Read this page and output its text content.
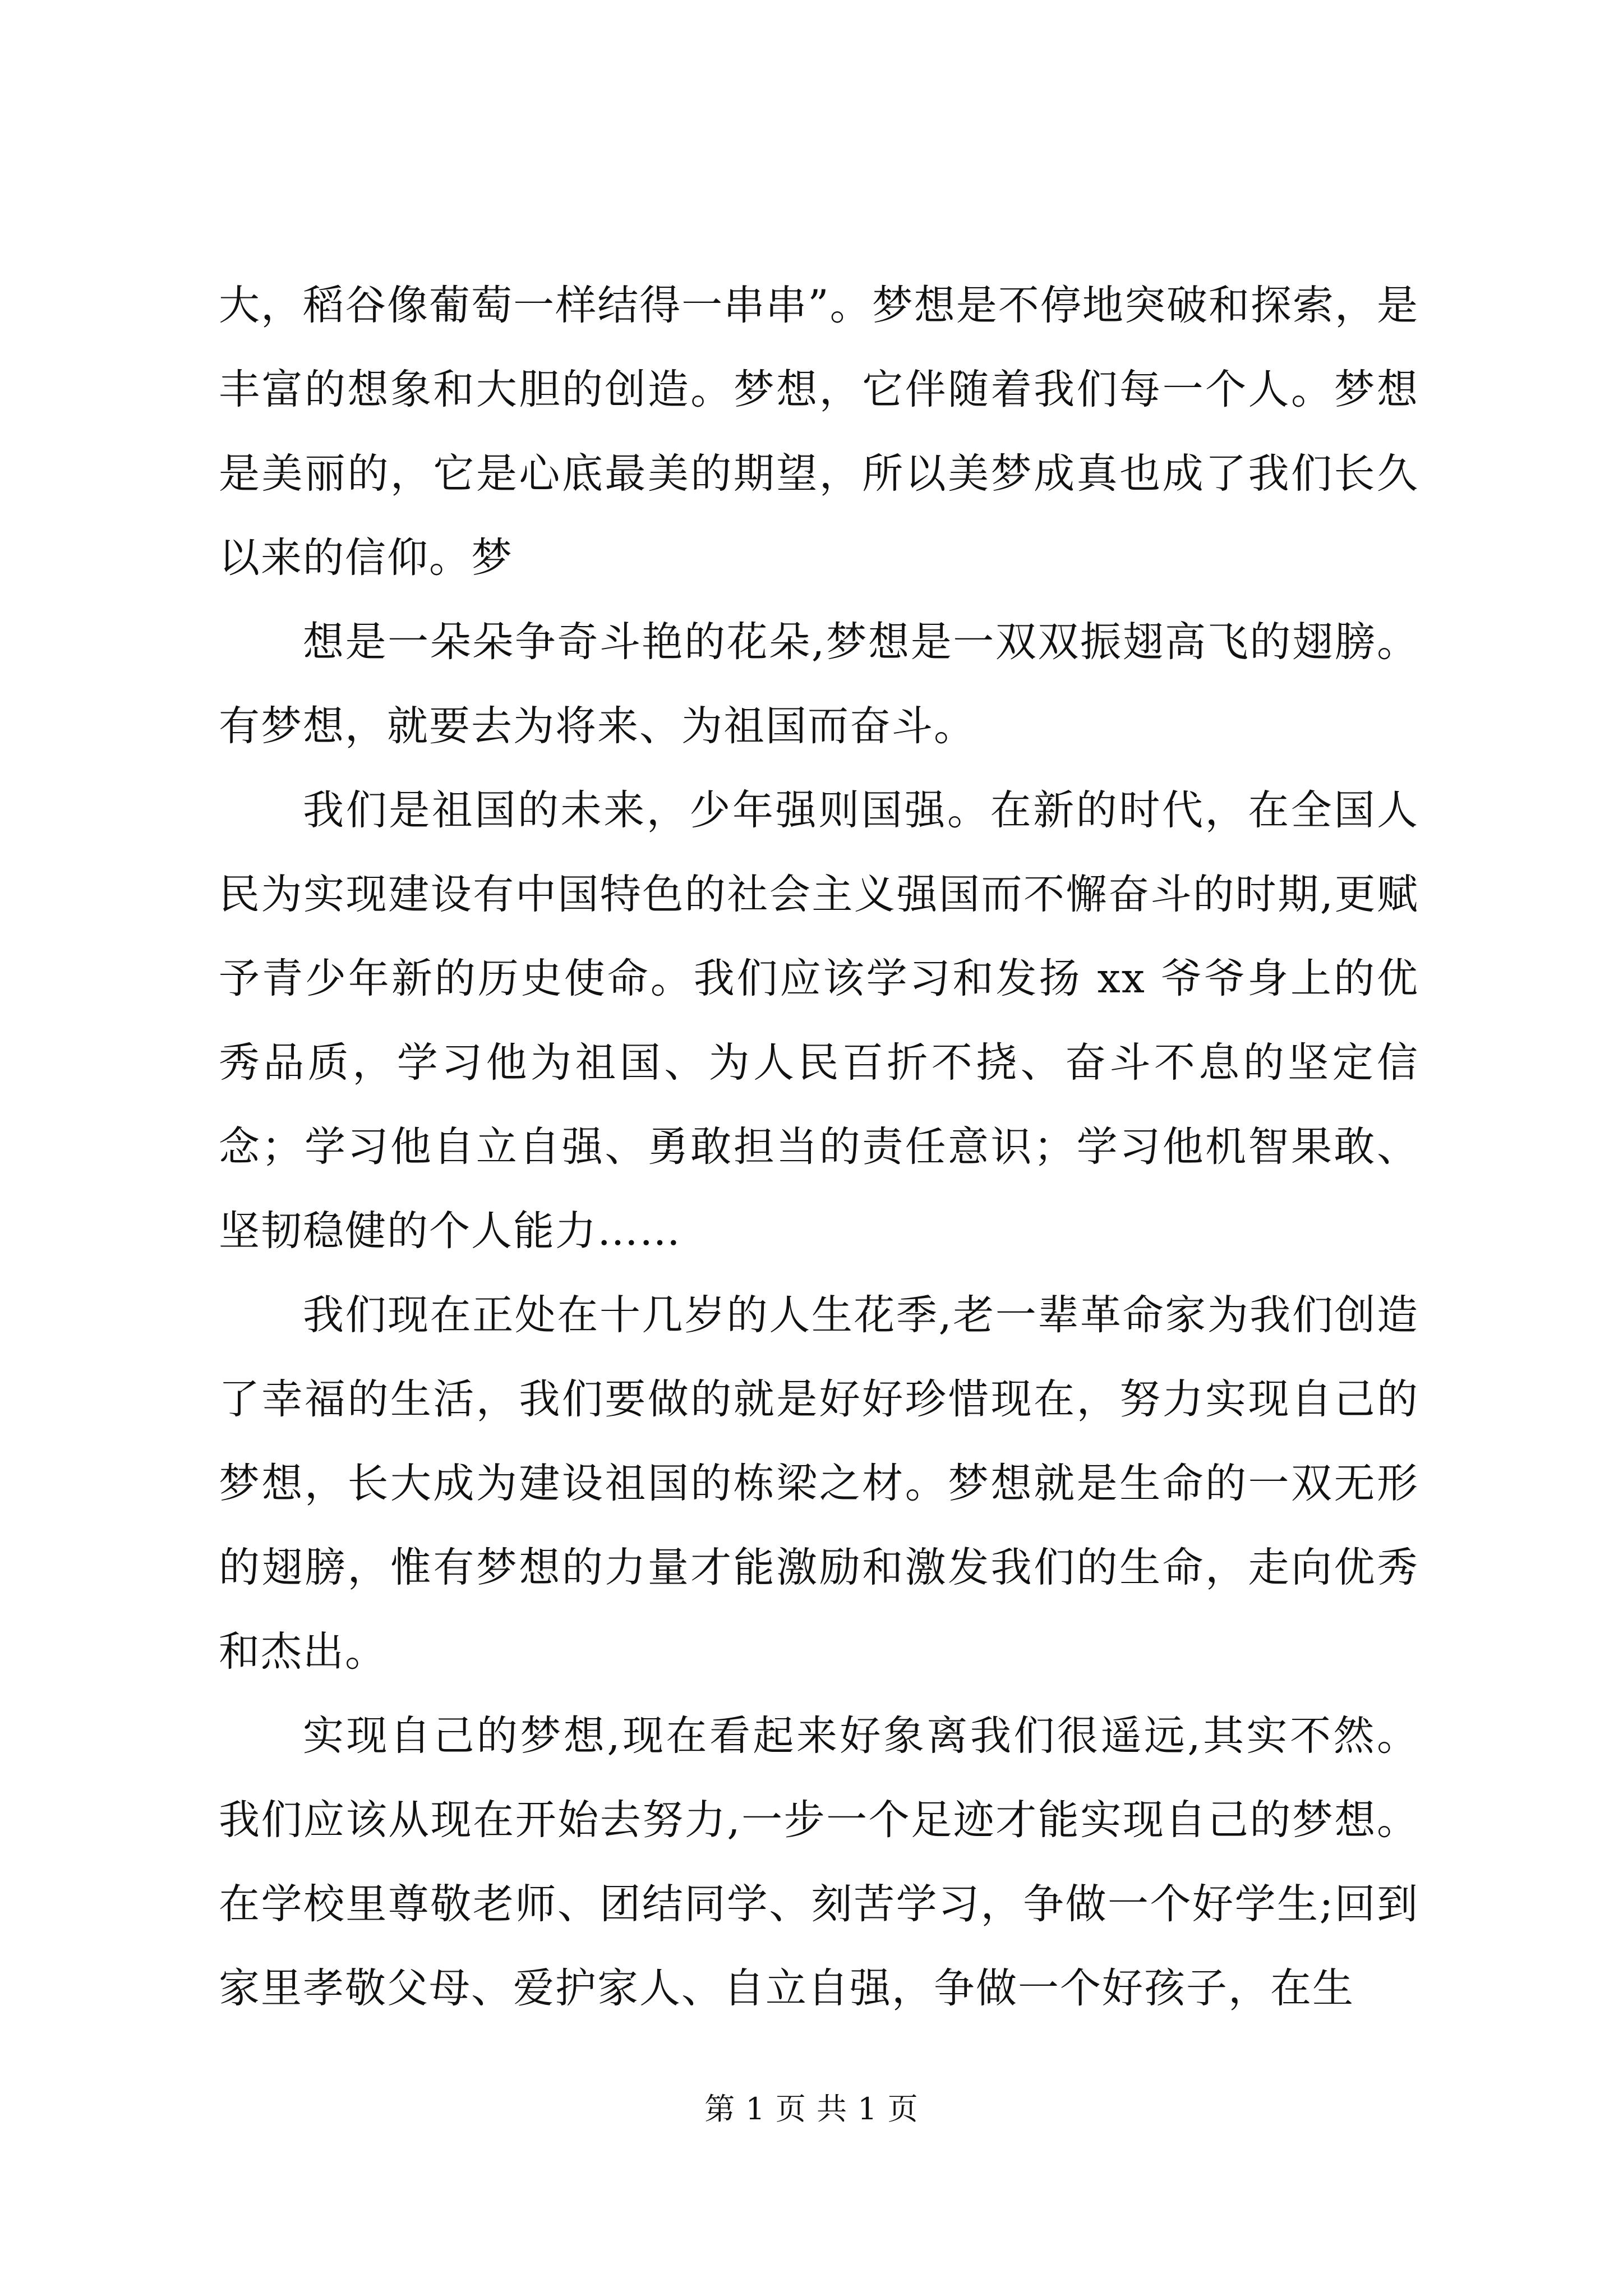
大，稻谷像葡萄一样结得一串串”。梦想是不停地突破和探索，是丰富的想象和大胆的创造。梦想，它伴随着我们每一个人。梦想是美丽的，它是心底最美的期望，所以美梦成真也成了我们长久以来的信仰。梦

想是一朵朵争奇斗艳的花朵,梦想是一双双振翅高飞的翅膀。有梦想，就要去为将来、为祖国而奋斗。

我们是祖国的未来，少年强则国强。在新的时代，在全国人民为实现建设有中国特色的社会主义强国而不懈奋斗的时期,更赋予青少年新的历史使命。我们应该学习和发扬 xx 爷爷身上的优秀品质，学习他为祖国、为人民百折不挠、奋斗不息的坚定信念；学习他自立自强、勇敢担当的责任意识；学习他机智果敢、坚韧稳健的个人能力……

我们现在正处在十几岁的人生花季,老一辈革命家为我们创造了幸福的生活，我们要做的就是好好珍惜现在，努力实现自己的梦想，长大成为建设祖国的栋梁之材。梦想就是生命的一双无形的翅膀，惟有梦想的力量才能激励和激发我们的生命，走向优秀和杰出。

实现自己的梦想,现在看起来好象离我们很遥远,其实不然。我们应该从现在开始去努力,一步一个足迹才能实现自己的梦想。在学校里尊敬老师、团结同学、刻苦学习，争做一个好学生;回到家里孝敬父母、爱护家人、自立自强，争做一个好孩子，在生

第 1 页 共 1 页
